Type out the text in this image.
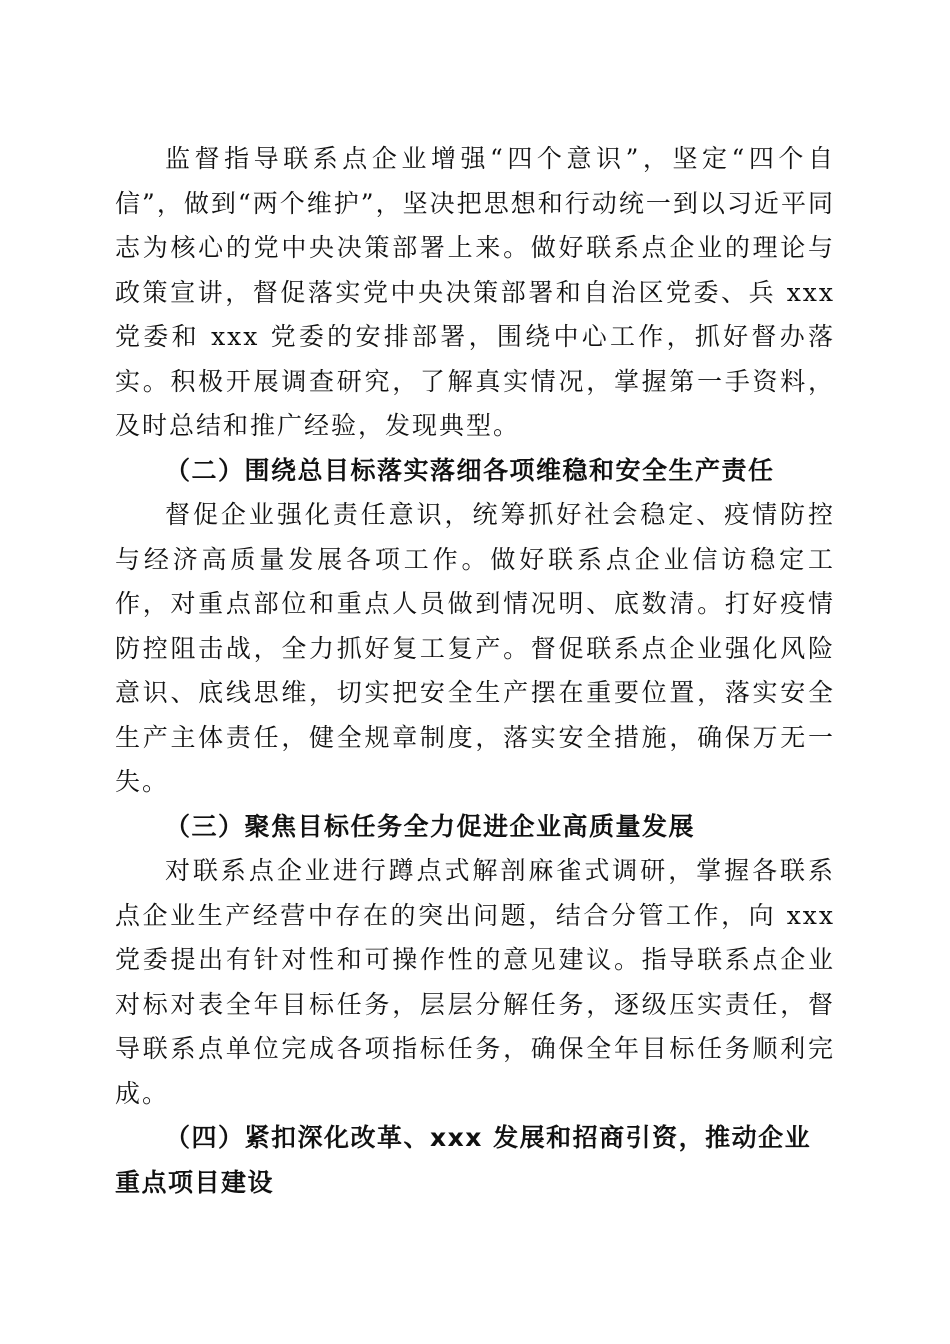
监督指导联系点企业增强“四个意识”，坚定“四个自信”，做到“两个维护”，坚决把思想和行动统一到以习近平同志为核心的党中央决策部署上来。做好联系点企业的理论与政策宣讲，督促落实党中央决策部署和自治区党委、兵 xxx 党委和 xxx 党委的安排部署，围绕中心工作，抓好督办落实。积极开展调查研究，了解真实情况，掌握第一手资料，及时总结和推广经验，发现典型。

（二）围绕总目标落实落细各项维稳和安全生产责任

督促企业强化责任意识，统筹抓好社会稳定、疫情防控与经济高质量发展各项工作。做好联系点企业信访稳定工作，对重点部位和重点人员做到情况明、底数清。打好疫情防控阻击战，全力抓好复工复产。督促联系点企业强化风险意识、底线思维，切实把安全生产摆在重要位置，落实安全生产主体责任，健全规章制度，落实安全措施，确保万无一失。

（三）聚焦目标任务全力促进企业高质量发展

对联系点企业进行蹲点式解剖麻雀式调研，掌握各联系点企业生产经营中存在的突出问题，结合分管工作，向 xxx 党委提出有针对性和可操作性的意见建议。指导联系点企业对标对表全年目标任务，层层分解任务，逐级压实责任，督导联系点单位完成各项指标任务，确保全年目标任务顺利完成。

（四）紧扣深化改革、xxx 发展和招商引资，推动企业重点项目建设
